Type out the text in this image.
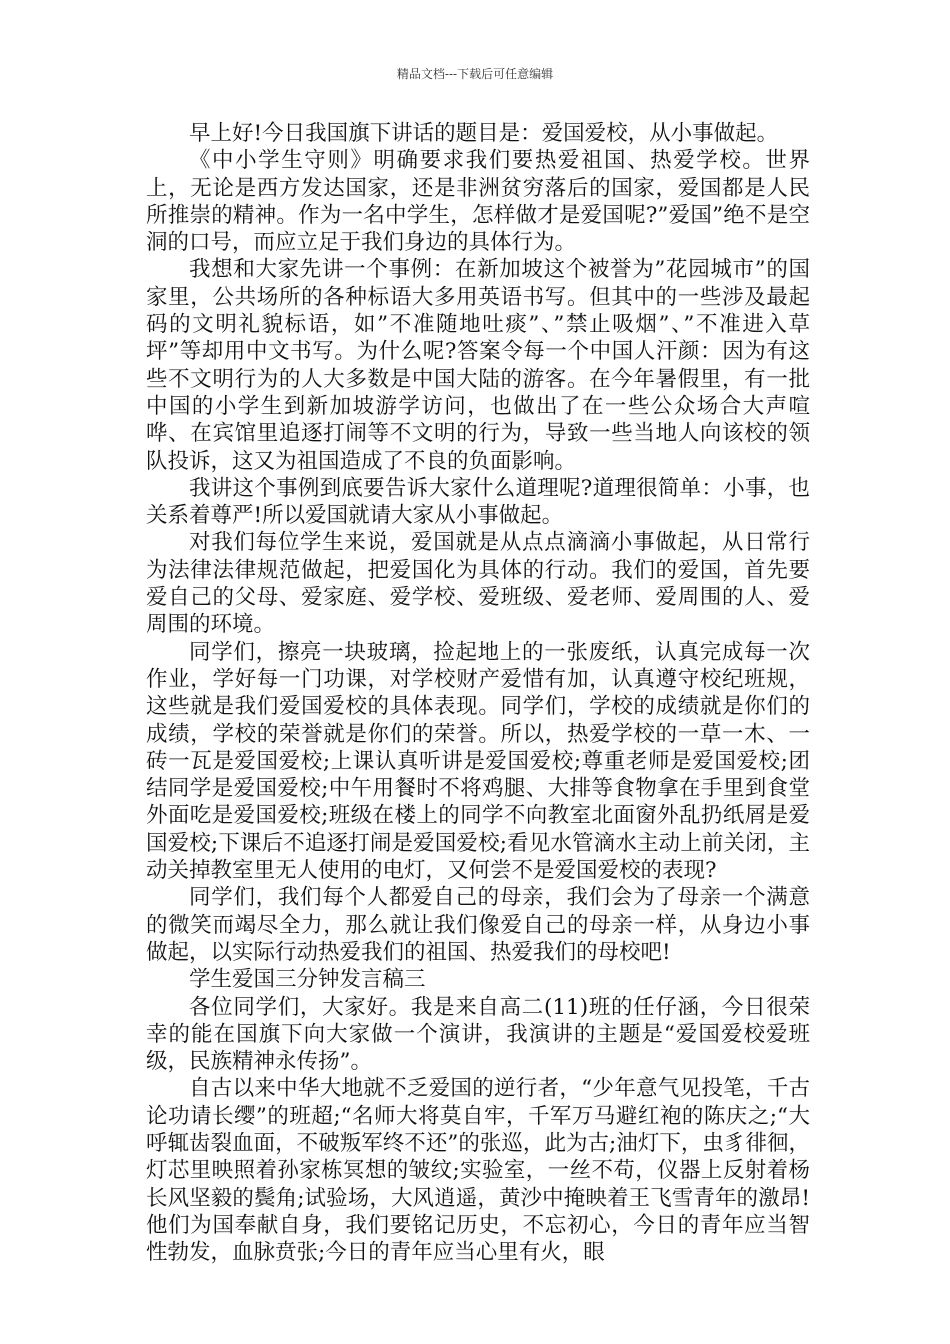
精品文档---下载后可任意编辑

早上好!今日我国旗下讲话的题目是：爱国爱校，从小事做起。

《中小学生守则》明确要求我们要热爱祖国、热爱学校。世界上，无论是西方发达国家，还是非洲贫穷落后的国家，爱国都是人民所推崇的精神。作为一名中学生，怎样做才是爱国呢?”爱国”绝不是空洞的口号，而应立足于我们身边的具体行为。

我想和大家先讲一个事例：在新加坡这个被誉为”花园城市”的国家里，公共场所的各种标语大多用英语书写。但其中的一些涉及最起码的文明礼貌标语，如”不准随地吐痰”、”禁止吸烟”、”不准进入草坪”等却用中文书写。为什么呢?答案令每一个中国人汗颜：因为有这些不文明行为的人大多数是中国大陆的游客。在今年暑假里，有一批中国的小学生到新加坡游学访问，也做出了在一些公众场合大声喧哗、在宾馆里追逐打闹等不文明的行为，导致一些当地人向该校的领队投诉，这又为祖国造成了不良的负面影响。

我讲这个事例到底要告诉大家什么道理呢?道理很简单：小事，也关系着尊严!所以爱国就请大家从小事做起。

对我们每位学生来说，爱国就是从点点滴滴小事做起，从日常行为法律法律规范做起，把爱国化为具体的行动。我们的爱国，首先要爱自己的父母、爱家庭、爱学校、爱班级、爱老师、爱周围的人、爱周围的环境。

同学们，擦亮一块玻璃，捡起地上的一张废纸，认真完成每一次作业，学好每一门功课，对学校财产爱惜有加，认真遵守校纪班规，这些就是我们爱国爱校的具体表现。同学们，学校的成绩就是你们的成绩，学校的荣誉就是你们的荣誉。所以，热爱学校的一草一木、一砖一瓦是爱国爱校;上课认真听讲是爱国爱校;尊重老师是爱国爱校;团结同学是爱国爱校;中午用餐时不将鸡腿、大排等食物拿在手里到食堂外面吃是爱国爱校;班级在楼上的同学不向教室北面窗外乱扔纸屑是爱国爱校;下课后不追逐打闹是爱国爱校;看见水管滴水主动上前关闭，主动关掉教室里无人使用的电灯，又何尝不是爱国爱校的表现?

同学们，我们每个人都爱自己的母亲，我们会为了母亲一个满意的微笑而竭尽全力，那么就让我们像爱自己的母亲一样，从身边小事做起，以实际行动热爱我们的祖国、热爱我们的母校吧!

学生爱国三分钟发言稿三

各位同学们，大家好。我是来自高二(11)班的任仔涵，今日很荣幸的能在国旗下向大家做一个演讲，我演讲的主题是“爱国爱校爱班级，民族精神永传扬”。

自古以来中华大地就不乏爱国的逆行者，“少年意气见投笔，千古论功请长缨”的班超;“名师大将莫自牢，千军万马避红袍的陈庆之;“大呼辄齿裂血面，不破叛军终不还”的张巡，此为古;油灯下，虫豸徘徊，灯芯里映照着孙家栋冥想的皱纹;实验室，一丝不苟，仪器上反射着杨长风坚毅的鬓角;试验场，大风逍遥，黄沙中掩映着王飞雪青年的激昂!他们为国奉献自身，我们要铭记历史，不忘初心，今日的青年应当智性勃发，血脉贲张;今日的青年应当心里有火，眼
